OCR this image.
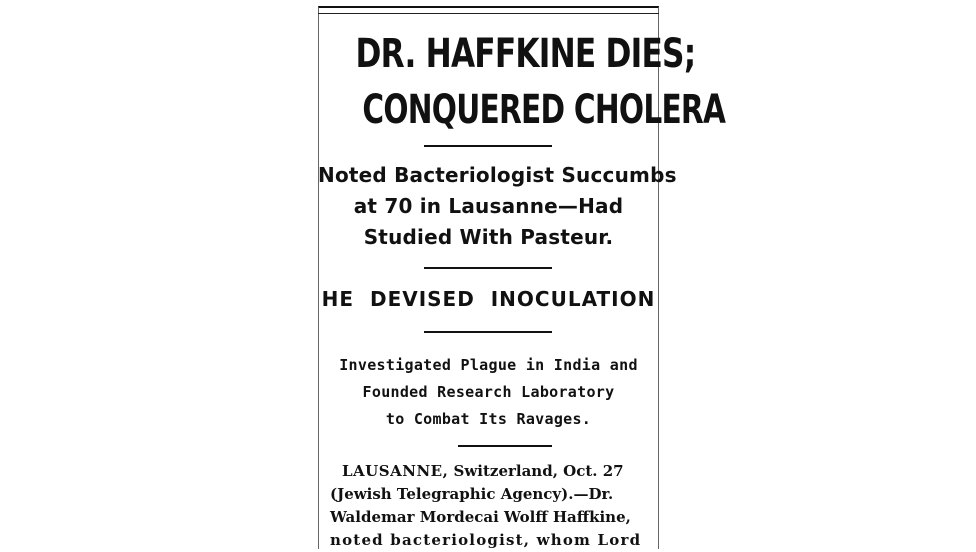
DR. HAFFKINE DIES;
CONQUERED CHOLERA
Noted Bacteriologist Succumbs
at 70 in Lausanne—Had
Studied With Pasteur.
HE  DEVISED  INOCULATION
Investigated Plague in India and
Founded Research Laboratory
to Combat Its Ravages.
LAUSANNE, Switzerland, Oct. 27
(Jewish Telegraphic Agency).—Dr.
Waldemar Mordecai Wolff Haffkine,
noted bacteriologist, whom Lord
